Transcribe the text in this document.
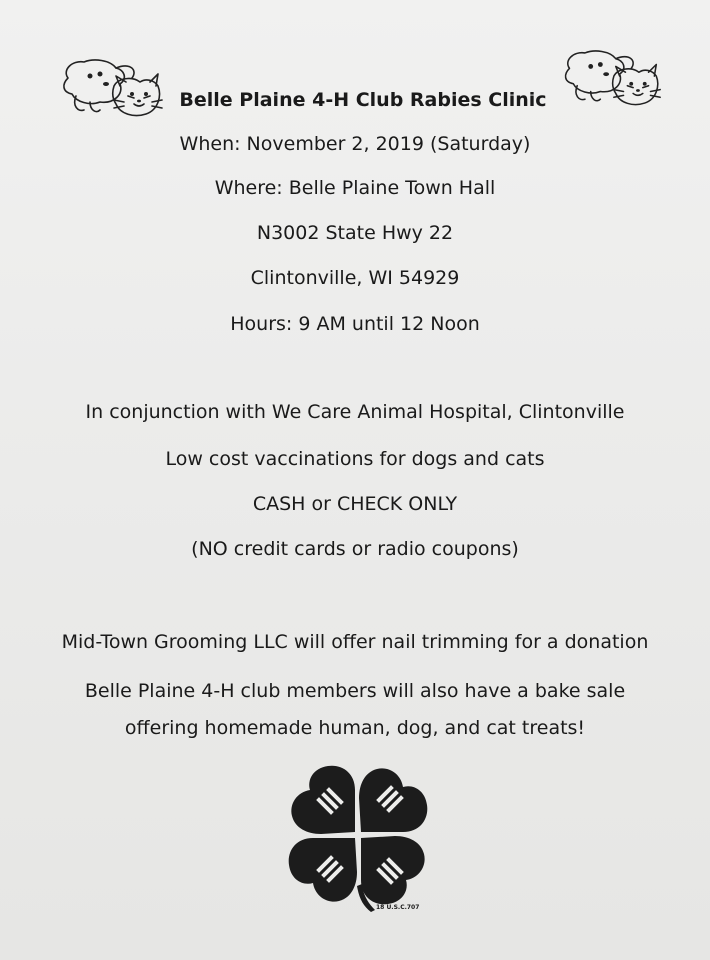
Belle Plaine 4-H Club Rabies Clinic
When: November 2, 2019 (Saturday)
Where: Belle Plaine Town Hall
N3002 State Hwy 22
Clintonville, WI 54929
Hours: 9 AM until 12 Noon
In conjunction with We Care Animal Hospital, Clintonville
Low cost vaccinations for dogs and cats
CASH or CHECK ONLY
(NO credit cards or radio coupons)
Mid-Town Grooming LLC will offer nail trimming for a donation
Belle Plaine 4-H club members will also have a bake sale
offering homemade human, dog, and cat treats!
18 U.S.C.707
